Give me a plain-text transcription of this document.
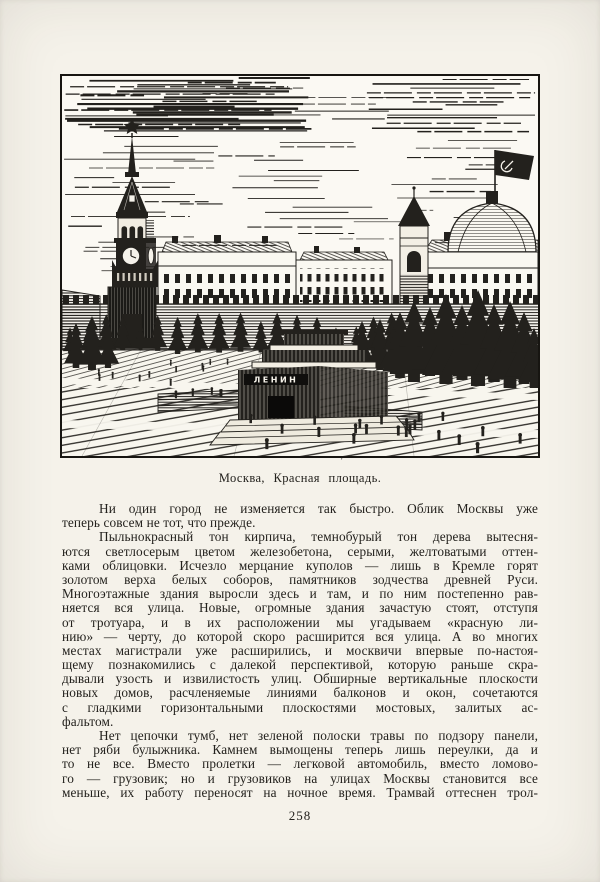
ЛЕНИН
'
Москва, Красная площадь.
Ни один город не изменяется так быстро. Облик Москвы уже
теперь совсем не тот, что прежде.
Пыльнокрасный тон кирпича, темнобурый тон дерева вытесня-
ются светлосерым цветом железобетона, серыми, желтоватыми оттен-
ками облицовки. Исчезло мерцание куполов — лишь в Кремле горят
золотом верха белых соборов, памятников зодчества древней Руси.
Многоэтажные здания выросли здесь и там, и по ним постепенно рав-
няется вся улица. Новые, огромные здания зачастую стоят, отступя
от тротуара, и в их расположении мы угадываем «красную ли-
нию» — черту, до которой скоро расширится вся улица. А во многих
местах магистрали уже расширились, и москвичи впервые по-настоя-
щему познакомились с далекой перспективой, которую раньше скра-
дывали узость и извилистость улиц. Обширные вертикальные плоскости
новых домов, расчленяемые линиями балконов и окон, сочетаются
с гладкими горизонтальными плоскостями мостовых, залитых ас-
фальтом.
Нет цепочки тумб, нет зеленой полоски травы по подзору панели,
нет ряби булыжника. Камнем вымощены теперь лишь переулки, да и
то не все. Вместо пролетки — легковой автомобиль, вместо ломово-
го — грузовик; но и грузовиков на улицах Москвы становится все
меньше, их работу переносят на ночное время. Трамвай оттеснен трол-
258
